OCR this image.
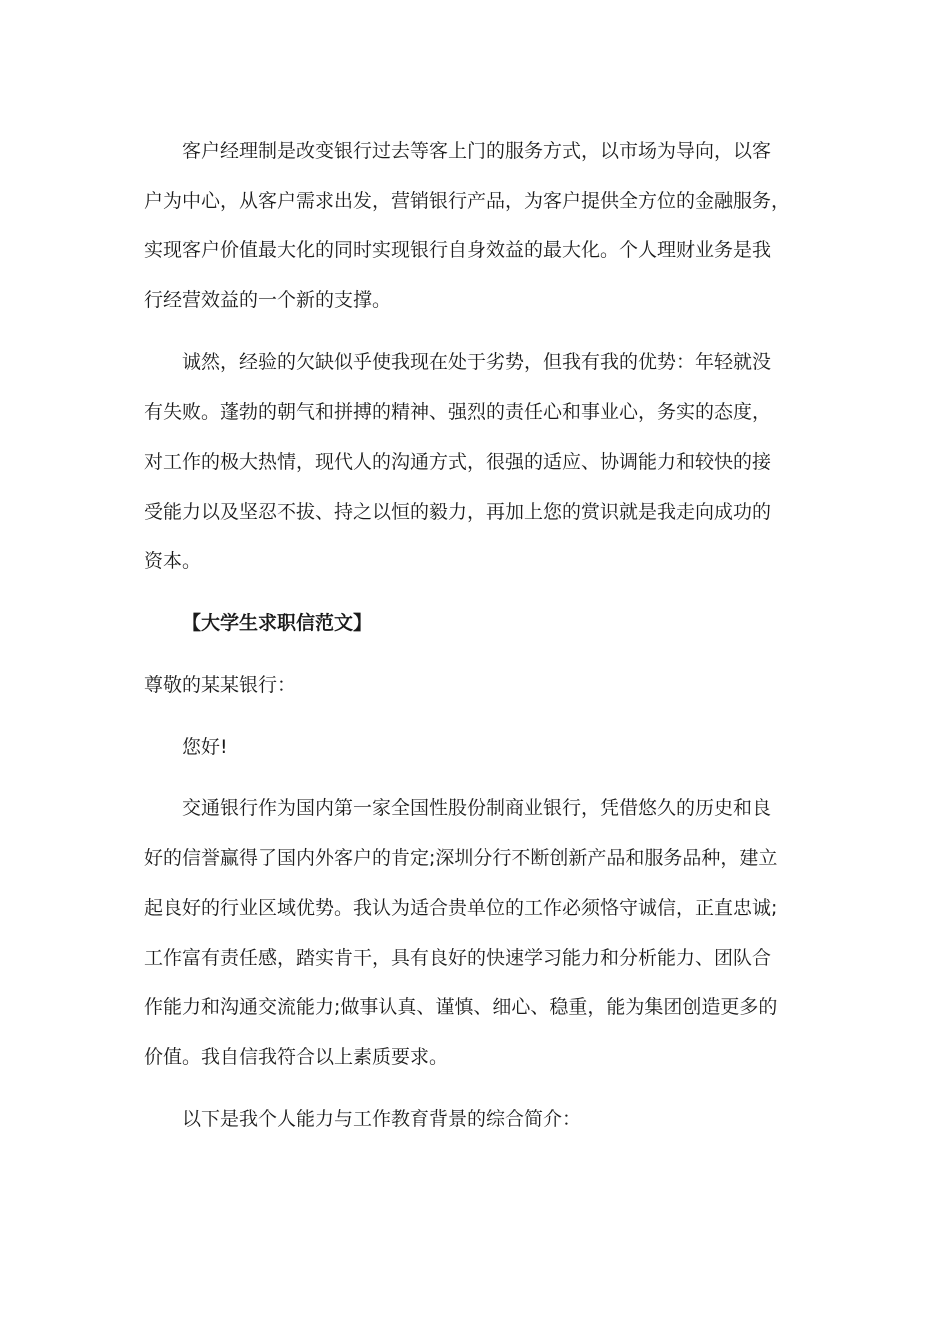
客户经理制是改变银行过去等客上门的服务方式，以市场为导向，以客
户为中心，从客户需求出发，营销银行产品，为客户提供全方位的金融服务，
实现客户价值最大化的同时实现银行自身效益的最大化。个人理财业务是我
行经营效益的一个新的支撑。
诚然，经验的欠缺似乎使我现在处于劣势，但我有我的优势：年轻就没
有失败。蓬勃的朝气和拼搏的精神、强烈的责任心和事业心，务实的态度，
对工作的极大热情，现代人的沟通方式，很强的适应、协调能力和较快的接
受能力以及坚忍不拔、持之以恒的毅力，再加上您的赏识就是我走向成功的
资本。
【大学生求职信范文】
尊敬的某某银行：
您好!
交通银行作为国内第一家全国性股份制商业银行，凭借悠久的历史和良
好的信誉赢得了国内外客户的肯定;深圳分行不断创新产品和服务品种，建立
起良好的行业区域优势。我认为适合贵单位的工作必须恪守诚信，正直忠诚;
工作富有责任感，踏实肯干，具有良好的快速学习能力和分析能力、团队合
作能力和沟通交流能力;做事认真、谨慎、细心、稳重，能为集团创造更多的
价值。我自信我符合以上素质要求。
以下是我个人能力与工作教育背景的综合简介：
